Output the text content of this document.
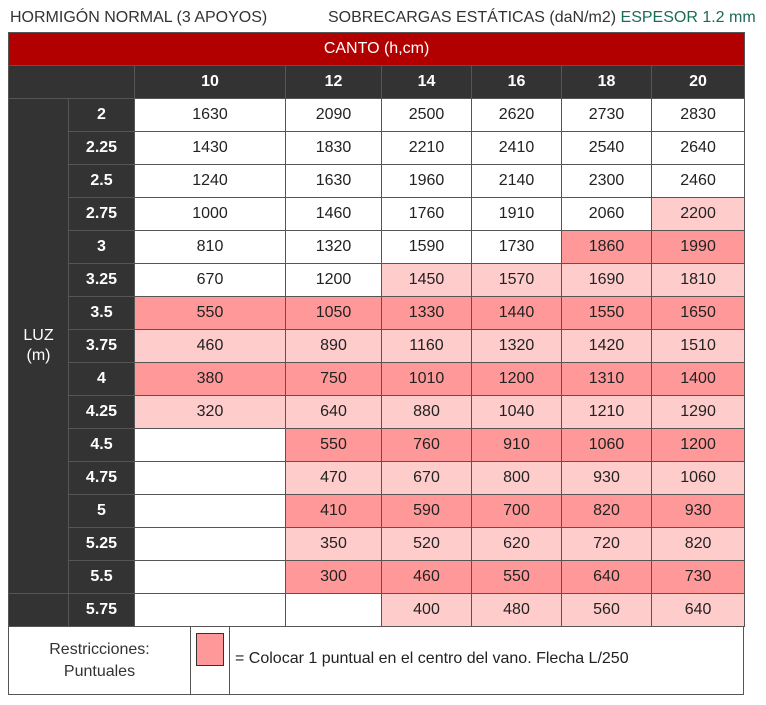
HORMIGÓN NORMAL (3 APOYOS)	SOBRECARGAS ESTÁTICAS (daN/m2) ESPESOR 1.2 mm
CANTO (h,cm)							
		10	12	14	16	18	20

LUZ
(m)	2	1630	2090	2500	2620	2730	2830
	2.25	1430	1830	2210	2410	2540	2640
	2.5	1240	1630	1960	2140	2300	2460
	2.75	1000	1460	1760	1910	2060	2200
	3	810	1320	1590	1730	1860	1990
	3.25	670	1200	1450	1570	1690	1810
	3.5	550	1050	1330	1440	1550	1650
	3.75	460	890	1160	1320	1420	1510
	4	380	750	1010	1200	1310	1400
	4.25	320	640	880	1040	1210	1290
	4.5		550	760	910	1060	1200
	4.75		470	670	800	930	1060
	5		410	590	700	820	930
	5.25		350	520	620	720	820
	5.5		300	460	550	640	730
	5.75			400	480	560	640
Restricciones:
Puntuales
= Colocar 1 puntual en el centro del vano. Flecha L/250
